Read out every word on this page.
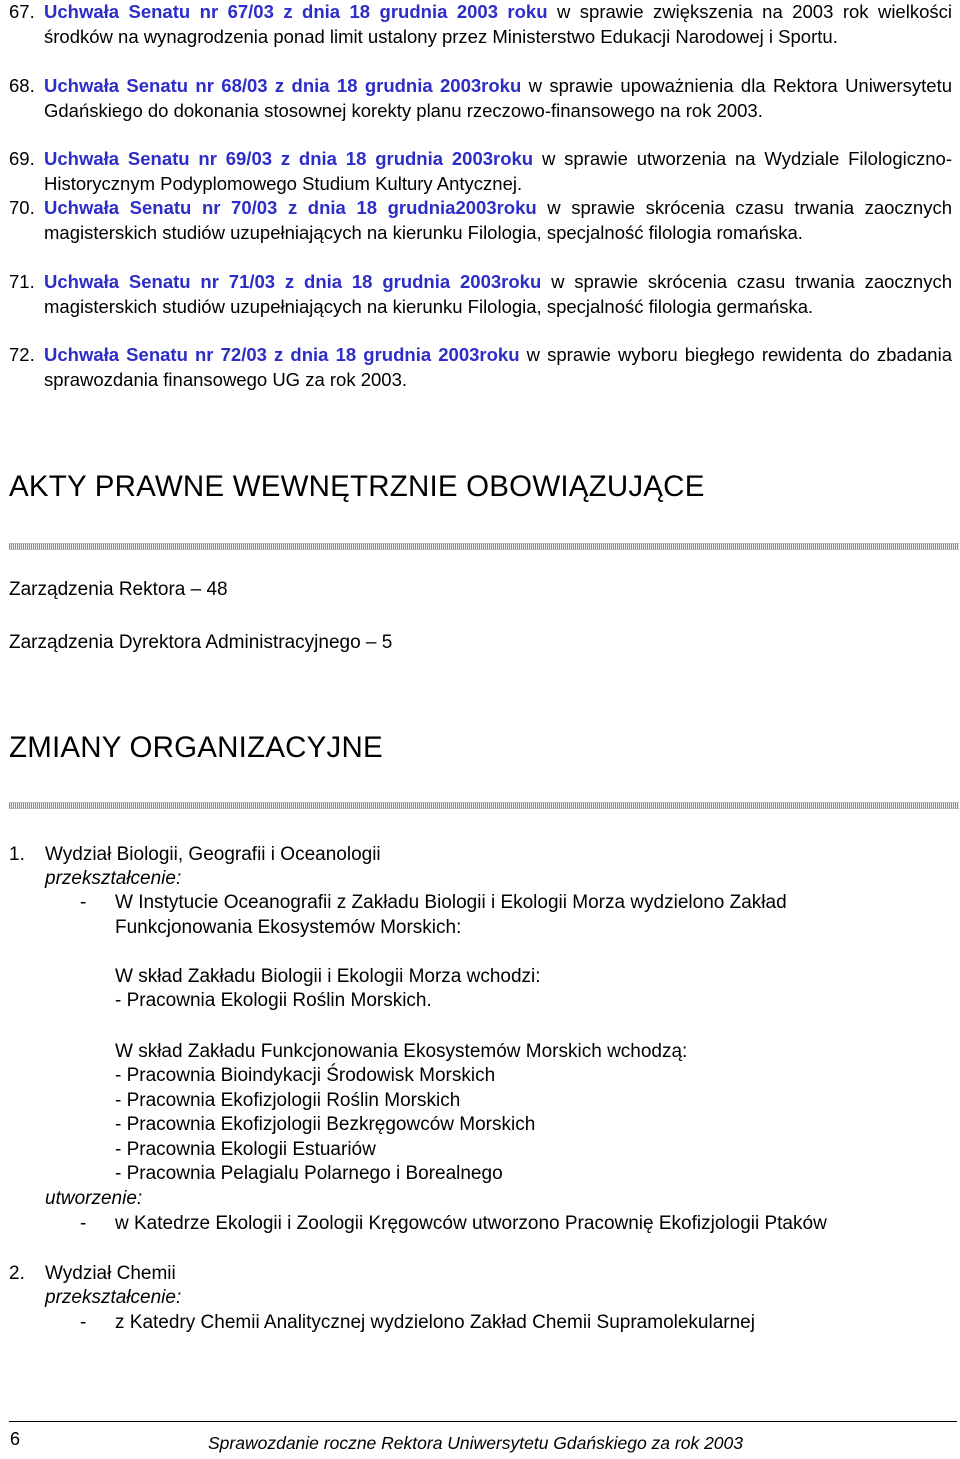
67. Uchwała Senatu nr 67/03 z dnia 18 grudnia 2003 roku w sprawie zwiększenia na 2003 rok wielkości środków na wynagrodzenia ponad limit ustalony przez Ministerstwo Edukacji Narodowej i Sportu.
68. Uchwała Senatu nr 68/03 z dnia 18 grudnia 2003roku w sprawie upoważnienia dla Rektora Uniwersytetu Gdańskiego do dokonania stosownej korekty planu rzeczowo-finansowego na rok 2003.
69. Uchwała Senatu nr 69/03 z dnia 18 grudnia 2003roku w sprawie utworzenia na Wydziale Filologiczno-Historycznym Podyplomowego Studium Kultury Antycznej.
70. Uchwała Senatu nr 70/03 z dnia 18 grudnia2003roku w sprawie skrócenia czasu trwania zaocznych magisterskich studiów uzupełniających na kierunku Filologia, specjalność filologia romańska.
71. Uchwała Senatu nr 71/03 z dnia 18 grudnia 2003roku w sprawie skrócenia czasu trwania zaocznych magisterskich studiów uzupełniających na kierunku Filologia, specjalność filologia germańska.
72. Uchwała Senatu nr 72/03 z dnia 18 grudnia 2003roku w sprawie wyboru biegłego rewidenta do zbadania sprawozdania finansowego UG za rok 2003.
AKTY PRAWNE WEWNĘTRZNIE OBOWIĄZUJĄCE
Zarządzenia Rektora – 48
Zarządzenia Dyrektora Administracyjnego – 5
ZMIANY ORGANIZACYJNE
1. Wydział Biologii, Geografii i Oceanologii
przekształcenie:
- W Instytucie Oceanografii z Zakładu Biologii i Ekologii Morza wydzielono Zakład
Funkcjonowania Ekosystemów Morskich:
W skład Zakładu Biologii i Ekologii Morza wchodzi:
- Pracownia Ekologii Roślin Morskich.
W skład Zakładu Funkcjonowania Ekosystemów Morskich wchodzą:
- Pracownia Bioindykacji Środowisk Morskich
- Pracownia Ekofizjologii Roślin Morskich
- Pracownia Ekofizjologii Bezkręgowców Morskich
- Pracownia Ekologii Estuariów
- Pracownia Pelagialu Polarnego i Borealnego
utworzenie:
- w Katedrze Ekologii i Zoologii Kręgowców utworzono Pracownię Ekofizjologii Ptaków
2. Wydział Chemii
przekształcenie:
- z Katedry Chemii Analitycznej wydzielono Zakład Chemii Supramolekularnej
6	Sprawozdanie roczne Rektora Uniwersytetu Gdańskiego za rok 2003
